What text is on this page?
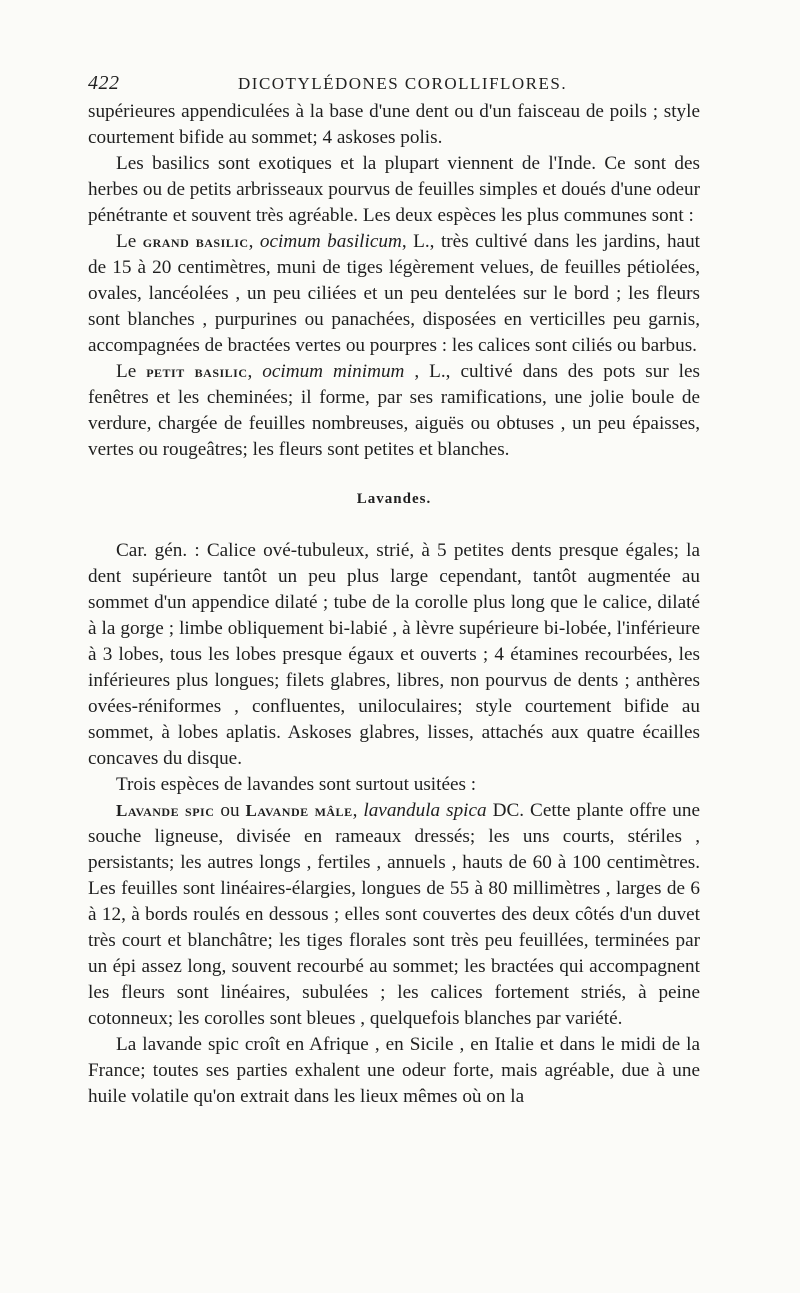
422	DICOTYLÉDONES COROLLIFLORES.

supérieures appendiculées à la base d'une dent ou d'un faisceau de poils ; style courtement bifide au sommet; 4 askoses polis.

Les basilics sont exotiques et la plupart viennent de l'Inde. Ce sont des herbes ou de petits arbrisseaux pourvus de feuilles simples et doués d'une odeur pénétrante et souvent très agréable. Les deux espèces les plus communes sont :

Le grand basilic, ocimum basilicum, L., très cultivé dans les jardins, haut de 15 à 20 centimètres, muni de tiges légèrement velues, de feuilles pétiolées, ovales, lancéolées , un peu ciliées et un peu dentelées sur le bord ; les fleurs sont blanches , purpurines ou panachées, disposées en verticilles peu garnis, accompagnées de bractées vertes ou pourpres : les calices sont ciliés ou barbus.

Le petit basilic, ocimum minimum , L., cultivé dans des pots sur les fenêtres et les cheminées; il forme, par ses ramifications, une jolie boule de verdure, chargée de feuilles nombreuses, aiguës ou obtuses , un peu épaisses, vertes ou rougeâtres; les fleurs sont petites et blanches.

Lavandes.

Car. gén. : Calice ové-tubuleux, strié, à 5 petites dents presque égales; la dent supérieure tantôt un peu plus large cependant, tantôt augmentée au sommet d'un appendice dilaté ; tube de la corolle plus long que le calice, dilaté à la gorge ; limbe obliquement bi-labié , à lèvre supérieure bi-lobée, l'inférieure à 3 lobes, tous les lobes presque égaux et ouverts ; 4 étamines recourbées, les inférieures plus longues; filets glabres, libres, non pourvus de dents ; anthères ovées-réniformes , confluentes, uniloculaires; style courtement bifide au sommet, à lobes aplatis. Askoses glabres, lisses, attachés aux quatre écailles concaves du disque.

Trois espèces de lavandes sont surtout usitées :

Lavande spic ou Lavande mâle, lavandula spica DC. Cette plante offre une souche ligneuse, divisée en rameaux dressés; les uns courts, stériles , persistants; les autres longs , fertiles , annuels , hauts de 60 à 100 centimètres. Les feuilles sont linéaires-élargies, longues de 55 à 80 millimètres , larges de 6 à 12, à bords roulés en dessous ; elles sont couvertes des deux côtés d'un duvet très court et blanchâtre; les tiges florales sont très peu feuillées, terminées par un épi assez long, souvent recourbé au sommet; les bractées qui accompagnent les fleurs sont linéaires, subulées ; les calices fortement striés, à peine cotonneux; les corolles sont bleues , quelquefois blanches par variété.

La lavande spic croît en Afrique , en Sicile , en Italie et dans le midi de la France; toutes ses parties exhalent une odeur forte, mais agréable, due à une huile volatile qu'on extrait dans les lieux mêmes où on la
